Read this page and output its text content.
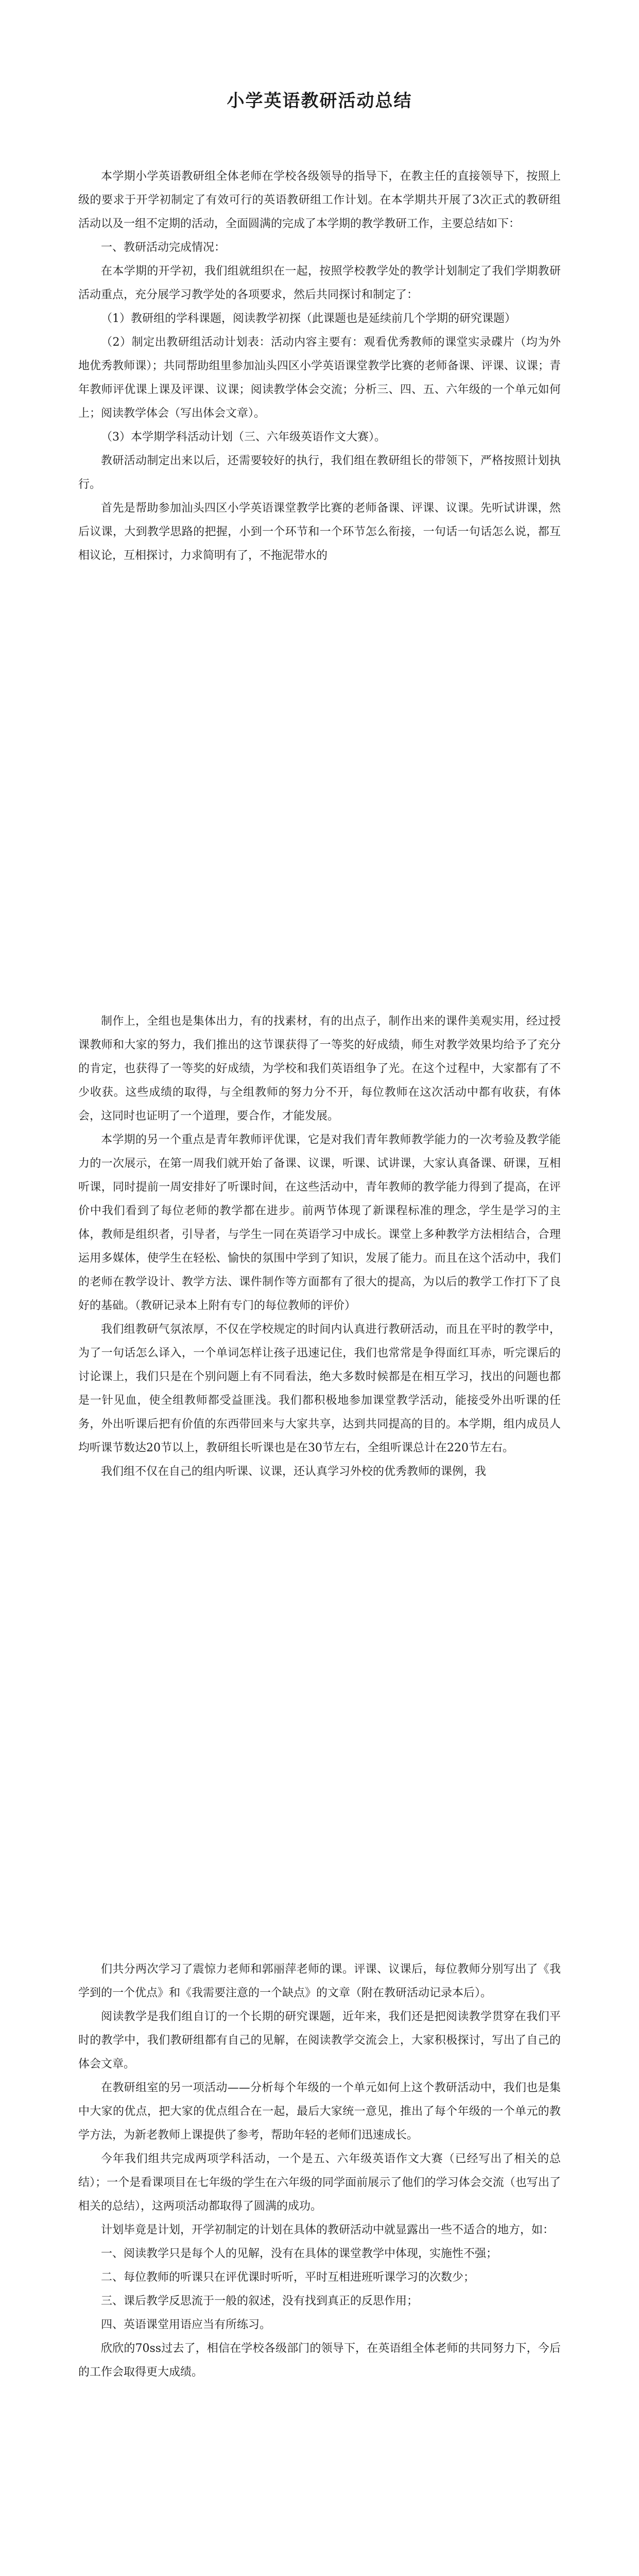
小学英语教研活动总结

本学期小学英语教研组全体老师在学校各级领导的指导下，在教主任的直接领导下，按照上级的要求于开学初制定了有效可行的英语教研组工作计划。在本学期共开展了3次正式的教研组活动以及一组不定期的活动，全面圆满的完成了本学期的教学教研工作，主要总结如下：

一、教研活动完成情况：

在本学期的开学初，我们组就组织在一起，按照学校教学处的教学计划制定了我们学期教研活动重点，充分展学习教学处的各项要求，然后共同探讨和制定了：

（1）教研组的学科课题，阅读教学初探（此课题也是延续前几个学期的研究课题）

（2）制定出教研组活动计划表：活动内容主要有：观看优秀教师的课堂实录碟片（均为外地优秀教师课）；共同帮助组里参加汕头四区小学英语课堂教学比赛的老师备课、评课、议课；青年教师评优课上课及评课、议课；阅读教学体会交流；分析三、四、五、六年级的一个单元如何上；阅读教学体会（写出体会文章）。

（3）本学期学科活动计划（三、六年级英语作文大赛）。

教研活动制定出来以后，还需要较好的执行，我们组在教研组长的带领下，严格按照计划执行。

首先是帮助参加汕头四区小学英语课堂教学比赛的老师备课、评课、议课。先听试讲课，然后议课，大到教学思路的把握，小到一个环节和一个环节怎么衔接，一句话一句话怎么说，都互相议论，互相探讨，力求简明有了，不拖泥带水的

制作上，全组也是集体出力，有的找素材，有的出点子，制作出来的课件美观实用，经过授课教师和大家的努力，我们推出的这节课获得了一等奖的好成绩，师生对教学效果均给予了充分的肯定，也获得了一等奖的好成绩，为学校和我们英语组争了光。在这个过程中，大家都有了不少收获。这些成绩的取得，与全组教师的努力分不开，每位教师在这次活动中都有收获，有体会，这同时也证明了一个道理，要合作，才能发展。

本学期的另一个重点是青年教师评优课，它是对我们青年教师教学能力的一次考验及教学能力的一次展示，在第一周我们就开始了备课、议课，听课、试讲课，大家认真备课、研课，互相听课，同时提前一周安排好了听课时间，在这些活动中，青年教师的教学能力得到了提高，在评价中我们看到了每位老师的教学都在进步。前两节体现了新课程标准的理念，学生是学习的主体，教师是组织者，引导者，与学生一同在英语学习中成长。课堂上多种教学方法相结合，合理运用多媒体，使学生在轻松、愉快的氛围中学到了知识，发展了能力。而且在这个活动中，我们的老师在教学设计、教学方法、课件制作等方面都有了很大的提高，为以后的教学工作打下了良好的基础。（教研记录本上附有专门的每位教师的评价）

我们组教研气氛浓厚，不仅在学校规定的时间内认真进行教研活动，而且在平时的教学中，为了一句话怎么译入，一个单词怎样让孩子迅速记住，我们也常常是争得面红耳赤，听完课后的讨论课上，我们只是在个别问题上有不同看法，绝大多数时候都是在相互学习，找出的问题也都是一针见血，使全组教师都受益匪浅。我们都积极地参加课堂教学活动，能接受外出听课的任务，外出听课后把有价值的东西带回来与大家共享，达到共同提高的目的。本学期，组内成员人均听课节数达20节以上，教研组长听课也是在30节左右，全组听课总计在220节左右。

我们组不仅在自己的组内听课、议课，还认真学习外校的优秀教师的课例，我

们共分两次学习了震惊力老师和郭丽萍老师的课。评课、议课后，每位教师分别写出了《我学到的一个优点》和《我需要注意的一个缺点》的文章（附在教研活动记录本后）。

阅读教学是我们组自订的一个长期的研究课题，近年来，我们还是把阅读教学贯穿在我们平时的教学中，我们教研组都有自己的见解，在阅读教学交流会上，大家积极探讨，写出了自己的体会文章。

在教研组室的另一项活动——分析每个年级的一个单元如何上这个教研活动中，我们也是集中大家的优点，把大家的优点组合在一起，最后大家统一意见，推出了每个年级的一个单元的教学方法，为新老教师上课提供了参考，帮助年轻的老师们迅速成长。

今年我们组共完成两项学科活动，一个是五、六年级英语作文大赛（已经写出了相关的总结）；一个是看课项目在七年级的学生在六年级的同学面前展示了他们的学习体会交流（也写出了相关的总结），这两项活动都取得了圆满的成功。

计划毕竟是计划，开学初制定的计划在具体的教研活动中就显露出一些不适合的地方，如：

一、阅读教学只是每个人的见解，没有在具体的课堂教学中体现，实施性不强；

二、每位教师的听课只在评优课时听听，平时互相进班听课学习的次数少；

三、课后教学反思流于一般的叙述，没有找到真正的反思作用；

四、英语课堂用语应当有所练习。

欣欣的70ss过去了，相信在学校各级部门的领导下，在英语组全体老师的共同努力下，今后的工作会取得更大成绩。
